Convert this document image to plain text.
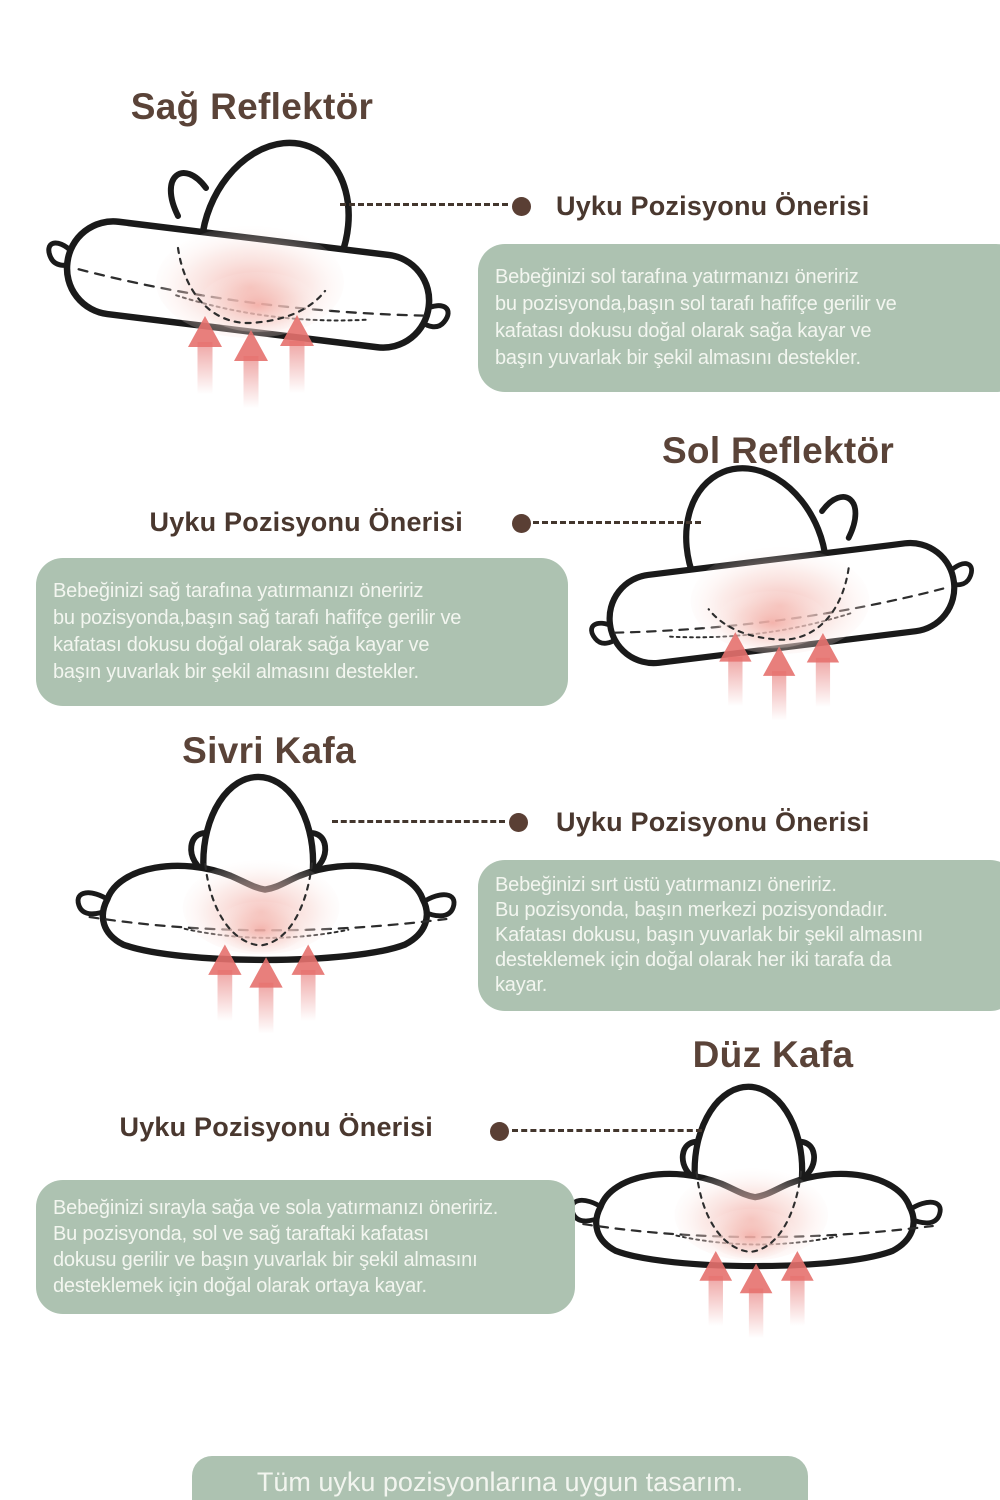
Sağ Reflektör
Uyku Pozisyonu Önerisi
Bebeğinizi sol tarafına yatırmanızı öneririz
bu pozisyonda,başın sol tarafı hafifçe gerilir ve
kafatası dokusu doğal olarak sağa kayar ve
başın yuvarlak bir şekil almasını destekler.
Sol Reflektör
Uyku Pozisyonu Önerisi
Bebeğinizi sağ tarafına yatırmanızı öneririz
bu pozisyonda,başın sağ tarafı hafifçe gerilir ve
kafatası dokusu doğal olarak sağa kayar ve
başın yuvarlak bir şekil almasını destekler.
Sivri Kafa
Uyku Pozisyonu Önerisi
Bebeğinizi sırt üstü yatırmanızı öneririz.
Bu pozisyonda, başın merkezi pozisyondadır.
Kafatası dokusu, başın yuvarlak bir şekil almasını
desteklemek için doğal olarak her iki tarafa da
kayar.
Düz Kafa
Uyku Pozisyonu Önerisi
Bebeğinizi sırayla sağa ve sola yatırmanızı öneririz.
Bu pozisyonda, sol ve sağ taraftaki kafatası
dokusu gerilir ve başın yuvarlak bir şekil almasını
desteklemek için doğal olarak ortaya kayar.
Tüm uyku pozisyonlarına uygun tasarım.
